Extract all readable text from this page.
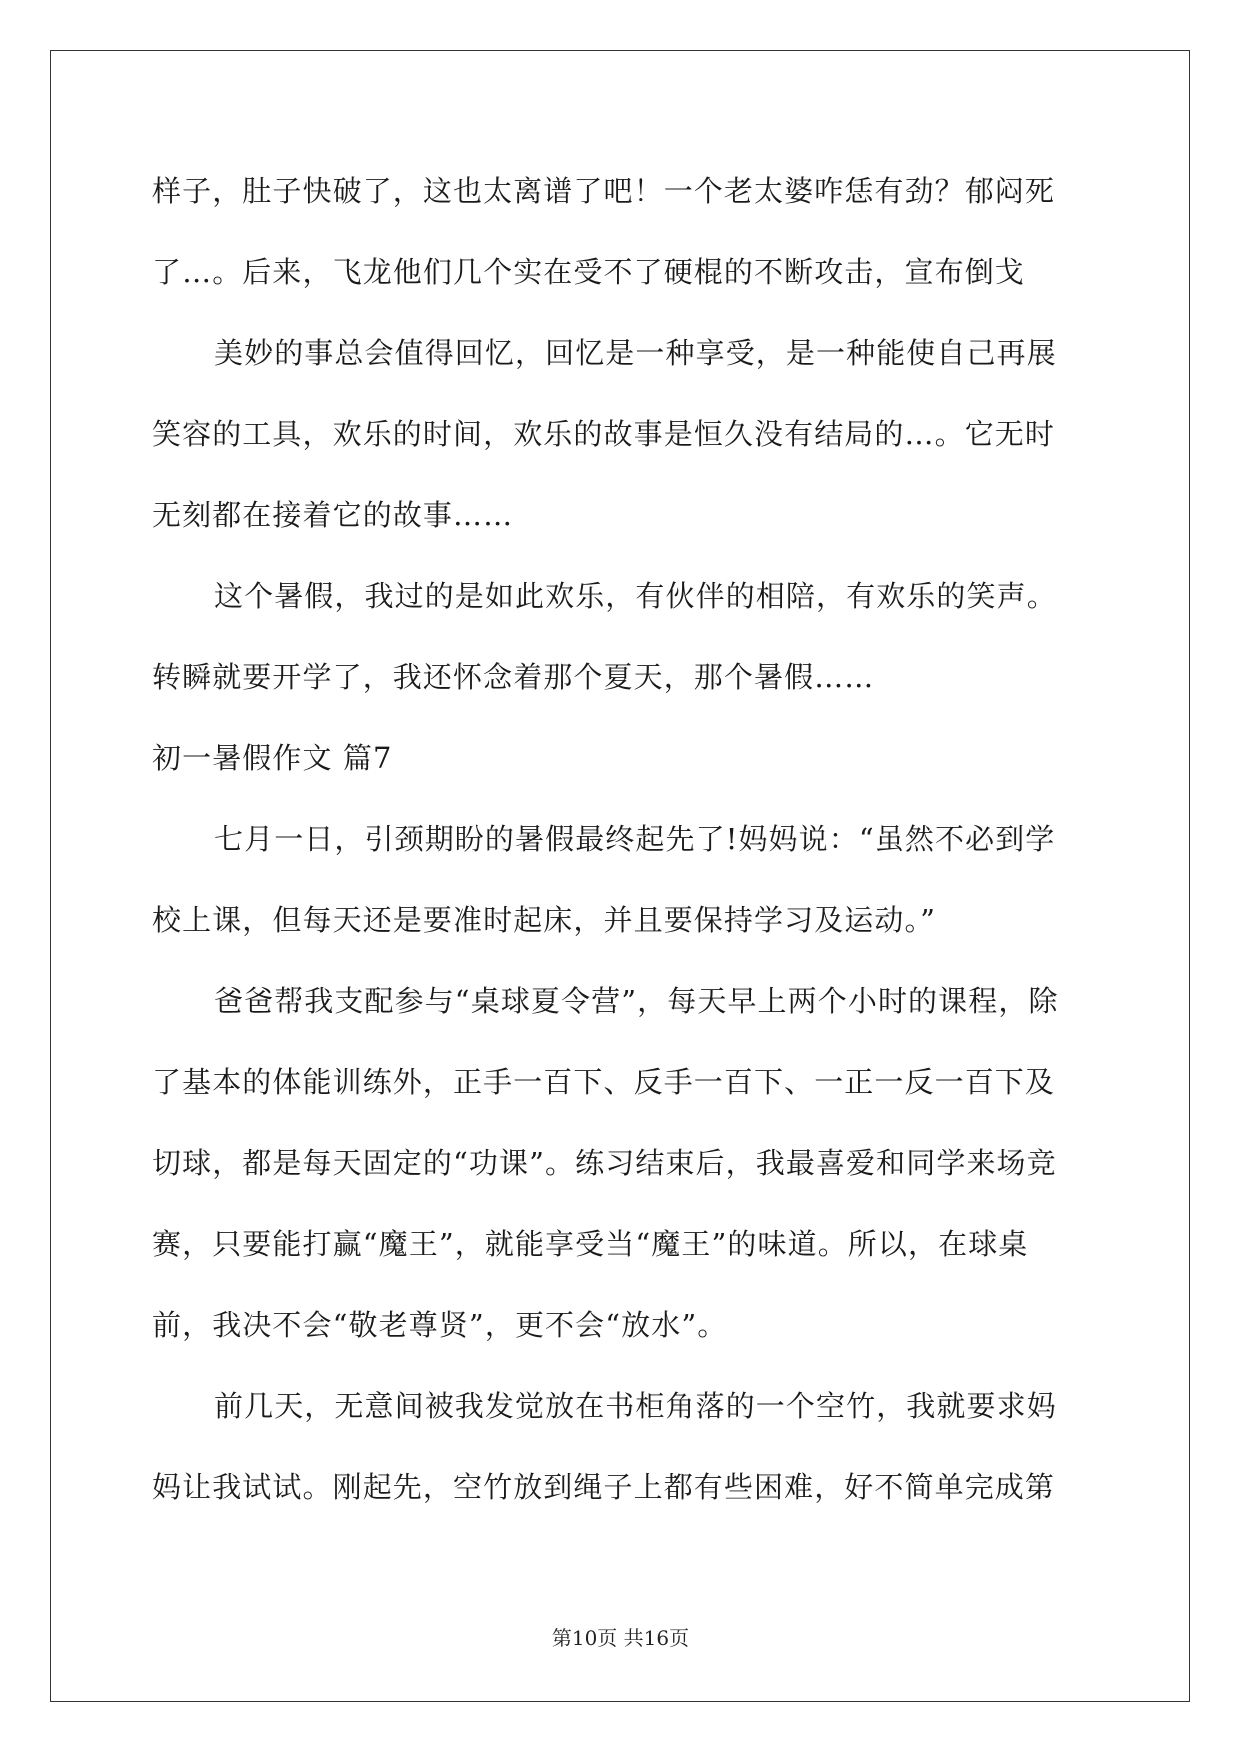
样子，肚子快破了，这也太离谱了吧！一个老太婆咋恁有劲？郁闷死
了…。后来，飞龙他们几个实在受不了硬棍的不断攻击，宣布倒戈
美妙的事总会值得回忆，回忆是一种享受，是一种能使自己再展
笑容的工具，欢乐的时间，欢乐的故事是恒久没有结局的…。它无时
无刻都在接着它的故事……
这个暑假，我过的是如此欢乐，有伙伴的相陪，有欢乐的笑声。
转瞬就要开学了，我还怀念着那个夏天，那个暑假……
初一暑假作文 篇7
七月一日，引颈期盼的暑假最终起先了!妈妈说：“虽然不必到学
校上课，但每天还是要准时起床，并且要保持学习及运动。”
爸爸帮我支配参与“桌球夏令营”，每天早上两个小时的课程，除
了基本的体能训练外，正手一百下、反手一百下、一正一反一百下及
切球，都是每天固定的“功课”。练习结束后，我最喜爱和同学来场竞
赛，只要能打赢“魔王”，就能享受当“魔王”的味道。所以，在球桌
前，我决不会“敬老尊贤”，更不会“放水”。
前几天，无意间被我发觉放在书柜角落的一个空竹，我就要求妈
妈让我试试。刚起先，空竹放到绳子上都有些困难，好不简单完成第
第10页 共16页
